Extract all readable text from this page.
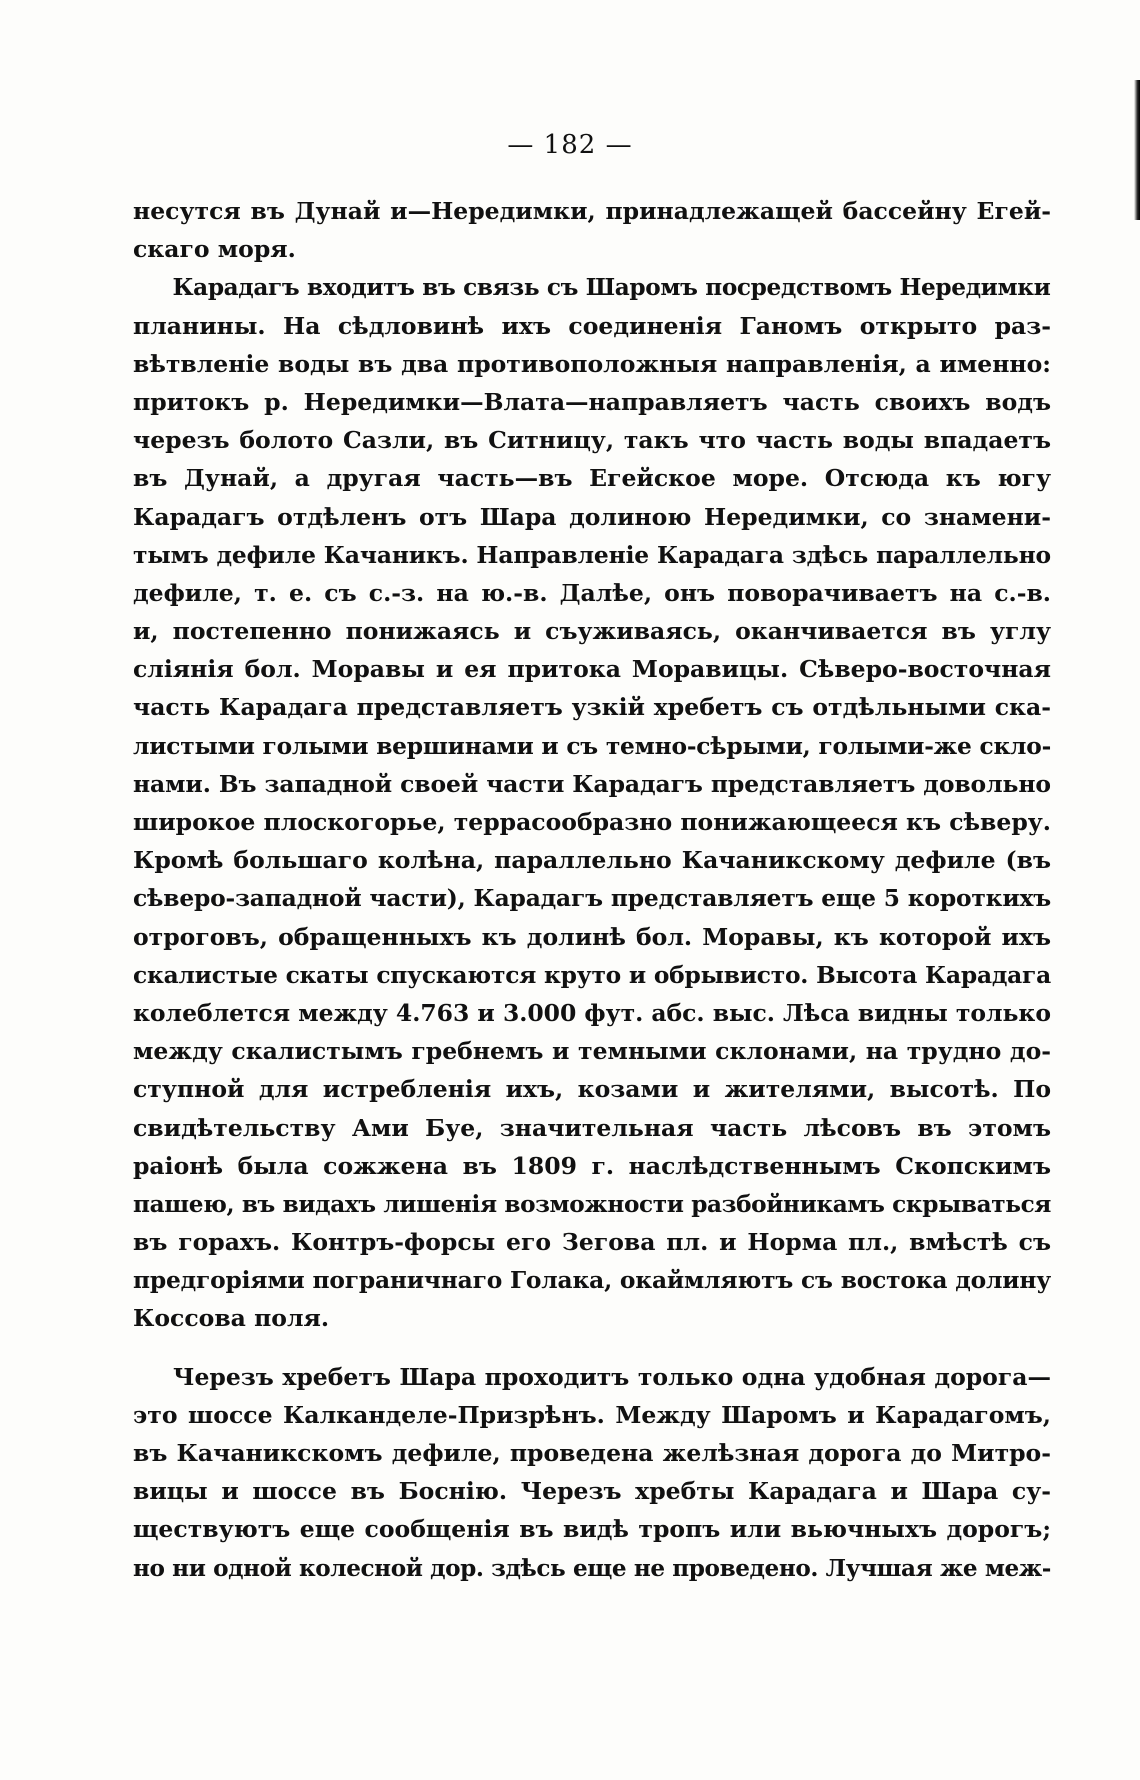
— 182 —
несутся въ Дунай и—Нередимки, принадлежащей бассейну Егей-
скаго моря.
Карадагъ входитъ въ связь съ Шаромъ посредствомъ Нередимки
планины. На сѣдловинѣ ихъ соединенія Ганомъ открыто раз-
вѣтвленіе воды въ два противоположныя направленія, а именно:
притокъ р. Нередимки—Влата—направляетъ часть своихъ водъ
черезъ болото Сазли, въ Ситницу, такъ что часть воды впадаетъ
въ Дунай, а другая часть—въ Егейское море. Отсюда къ югу
Карадагъ отдѣленъ отъ Шара долиною Нередимки, со знамени-
тымъ дефиле Качаникъ. Направленіе Карадага здѣсь параллельно
дефиле, т. е. съ с.-з. на ю.-в. Далѣе, онъ поворачиваетъ на с.-в.
и, постепенно понижаясь и съуживаясь, оканчивается въ углу
сліянія бол. Моравы и ея притока Моравицы. Сѣверо-восточная
часть Карадага представляетъ узкій хребетъ съ отдѣльными ска-
листыми голыми вершинами и съ темно-сѣрыми, голыми-же скло-
нами. Въ западной своей части Карадагъ представляетъ довольно
широкое плоскогорье, террасообразно понижающееся къ сѣверу.
Кромѣ большаго колѣна, параллельно Качаникскому дефиле (въ
сѣверо-западной части), Карадагъ представляетъ еще 5 короткихъ
отроговъ, обращенныхъ къ долинѣ бол. Моравы, къ которой ихъ
скалистые скаты спускаются круто и обрывисто. Высота Карадага
колеблется между 4.763 и 3.000 фут. абс. выс. Лѣса видны только
между скалистымъ гребнемъ и темными склонами, на трудно до-
ступной для истребленія ихъ, козами и жителями, высотѣ. По
свидѣтельству Ами Буе, значительная часть лѣсовъ въ этомъ
раіонѣ была сожжена въ 1809 г. наслѣдственнымъ Скопскимъ
пашею, въ видахъ лишенія возможности разбойникамъ скрываться
въ горахъ. Контръ-форсы его Зегова пл. и Норма пл., вмѣстѣ съ
предгоріями пограничнаго Голака, окаймляютъ съ востока долину
Коссова поля.
Черезъ хребетъ Шара проходитъ только одна удобная дорога—
это шоссе Калканделе-Призрѣнъ. Между Шаромъ и Карадагомъ,
въ Качаникскомъ дефиле, проведена желѣзная дорога до Митро-
вицы и шоссе въ Боснію. Черезъ хребты Карадага и Шара су-
ществуютъ еще сообщенія въ видѣ тропъ или вьючныхъ дорогъ;
но ни одной колесной дор. здѣсь еще не проведено. Лучшая же меж-
